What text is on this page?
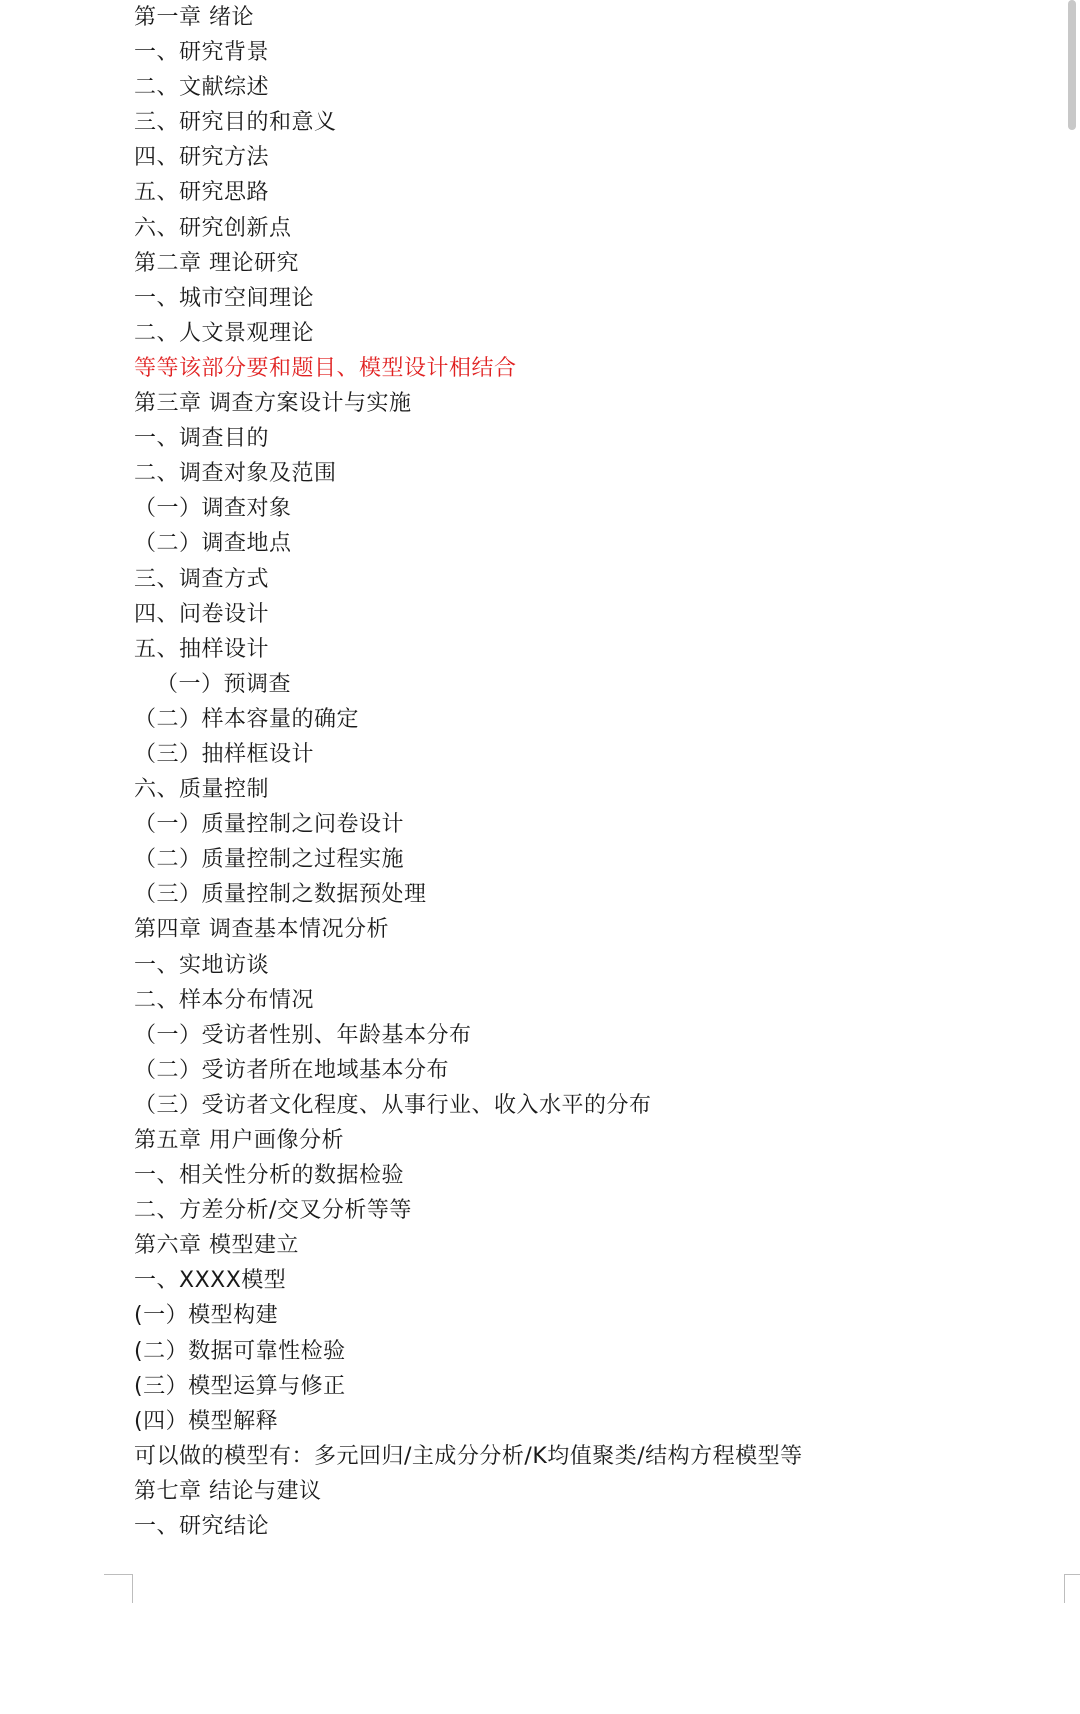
第一章 绪论
一、研究背景
二、文献综述
三、研究目的和意义
四、研究方法
五、研究思路
六、研究创新点
第二章 理论研究
一、城市空间理论
二、人文景观理论
等等该部分要和题目、模型设计相结合
第三章 调查方案设计与实施
一、调查目的
二、调查对象及范围
（一）调查对象
（二）调查地点
三、调查方式
四、问卷设计
五、抽样设计
（一）预调查
（二）样本容量的确定
（三）抽样框设计
六、质量控制
（一）质量控制之问卷设计
（二）质量控制之过程实施
（三）质量控制之数据预处理
第四章 调查基本情况分析
一、实地访谈
二、样本分布情况
（一）受访者性别、年龄基本分布
（二）受访者所在地域基本分布
（三）受访者文化程度、从事行业、收入水平的分布
第五章 用户画像分析
一、相关性分析的数据检验
二、方差分析/交叉分析等等
第六章 模型建立
一、XXXX模型
(一）模型构建
(二）数据可靠性检验
(三）模型运算与修正
(四）模型解释
可以做的模型有：多元回归/主成分分析/K均值聚类/结构方程模型等
第七章 结论与建议
一、研究结论
